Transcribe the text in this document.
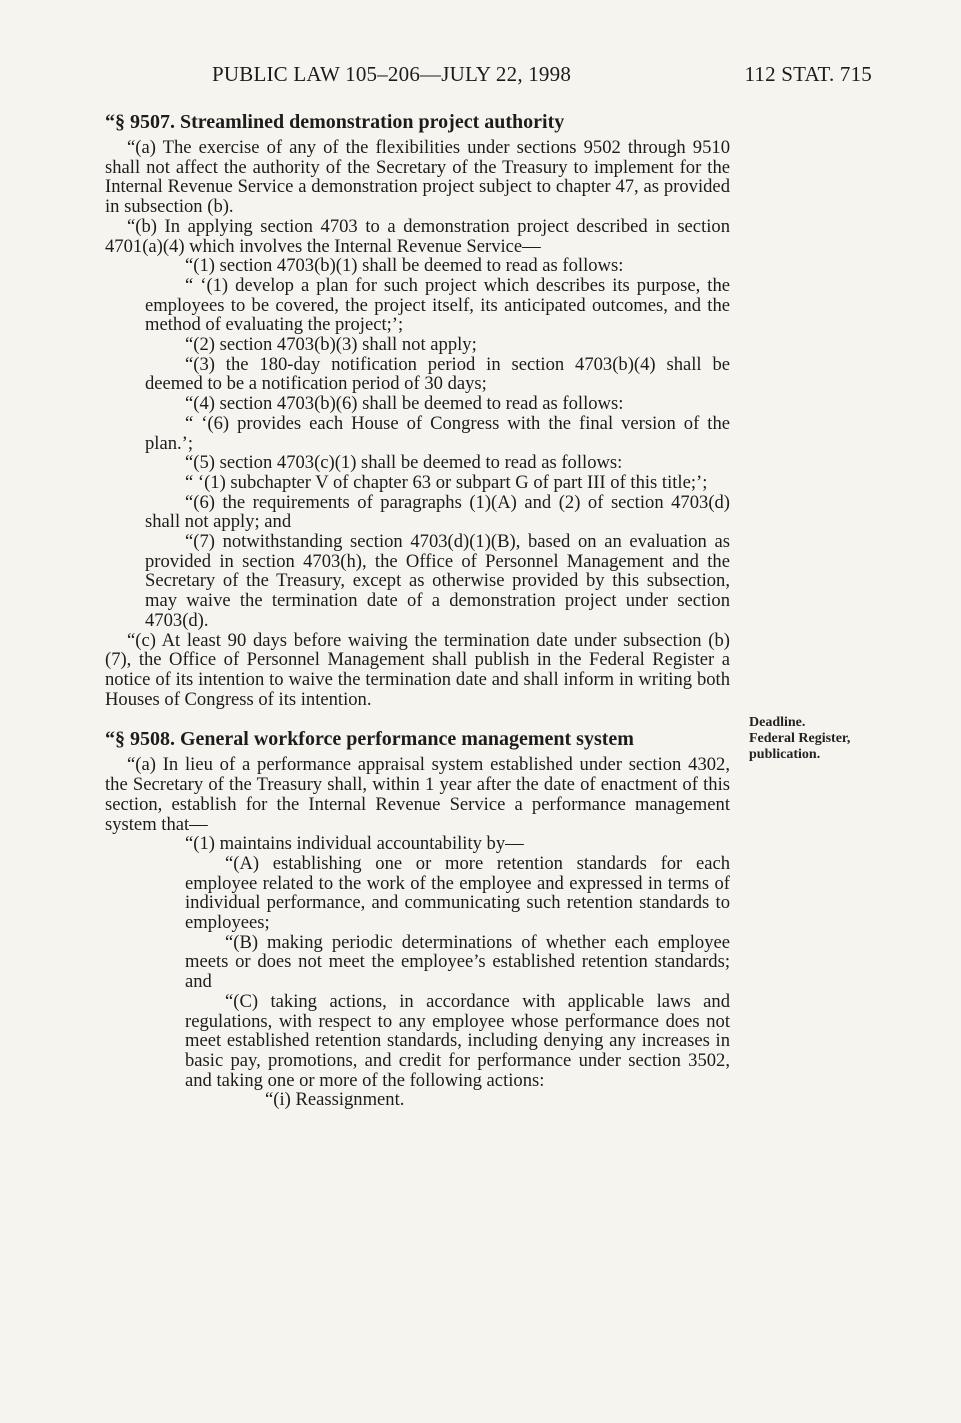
PUBLIC LAW 105–206—JULY 22, 1998	112 STAT. 715

“§ 9507. Streamlined demonstration project authority

“(a) The exercise of any of the flexibilities under sections 9502 through 9510 shall not affect the authority of the Secretary of the Treasury to implement for the Internal Revenue Service a demonstration project subject to chapter 47, as provided in subsection (b).

“(b) In applying section 4703 to a demonstration project described in section 4701(a)(4) which involves the Internal Revenue Service—

“(1) section 4703(b)(1) shall be deemed to read as follows:

“ ‘(1) develop a plan for such project which describes its purpose, the employees to be covered, the project itself, its anticipated outcomes, and the method of evaluating the project;’;

“(2) section 4703(b)(3) shall not apply;

“(3) the 180-day notification period in section 4703(b)(4) shall be deemed to be a notification period of 30 days;

“(4) section 4703(b)(6) shall be deemed to read as follows:

“ ‘(6) provides each House of Congress with the final version of the plan.’;

“(5) section 4703(c)(1) shall be deemed to read as follows:

“ ‘(1) subchapter V of chapter 63 or subpart G of part III of this title;’;

“(6) the requirements of paragraphs (1)(A) and (2) of section 4703(d) shall not apply; and

“(7) notwithstanding section 4703(d)(1)(B), based on an evaluation as provided in section 4703(h), the Office of Personnel Management and the Secretary of the Treasury, except as otherwise provided by this subsection, may waive the termination date of a demonstration project under section 4703(d).

“(c) At least 90 days before waiving the termination date under subsection (b)(7), the Office of Personnel Management shall publish in the Federal Register a notice of its intention to waive the termination date and shall inform in writing both Houses of Congress of its intention.

“§ 9508. General workforce performance management system

“(a) In lieu of a performance appraisal system established under section 4302, the Secretary of the Treasury shall, within 1 year after the date of enactment of this section, establish for the Internal Revenue Service a performance management system that—

“(1) maintains individual accountability by—

“(A) establishing one or more retention standards for each employee related to the work of the employee and expressed in terms of individual performance, and communicating such retention standards to employees;

“(B) making periodic determinations of whether each employee meets or does not meet the employee’s established retention standards; and

“(C) taking actions, in accordance with applicable laws and regulations, with respect to any employee whose performance does not meet established retention standards, including denying any increases in basic pay, promotions, and credit for performance under section 3502, and taking one or more of the following actions:

“(i) Reassignment.

Deadline.
Federal Register,
publication.
